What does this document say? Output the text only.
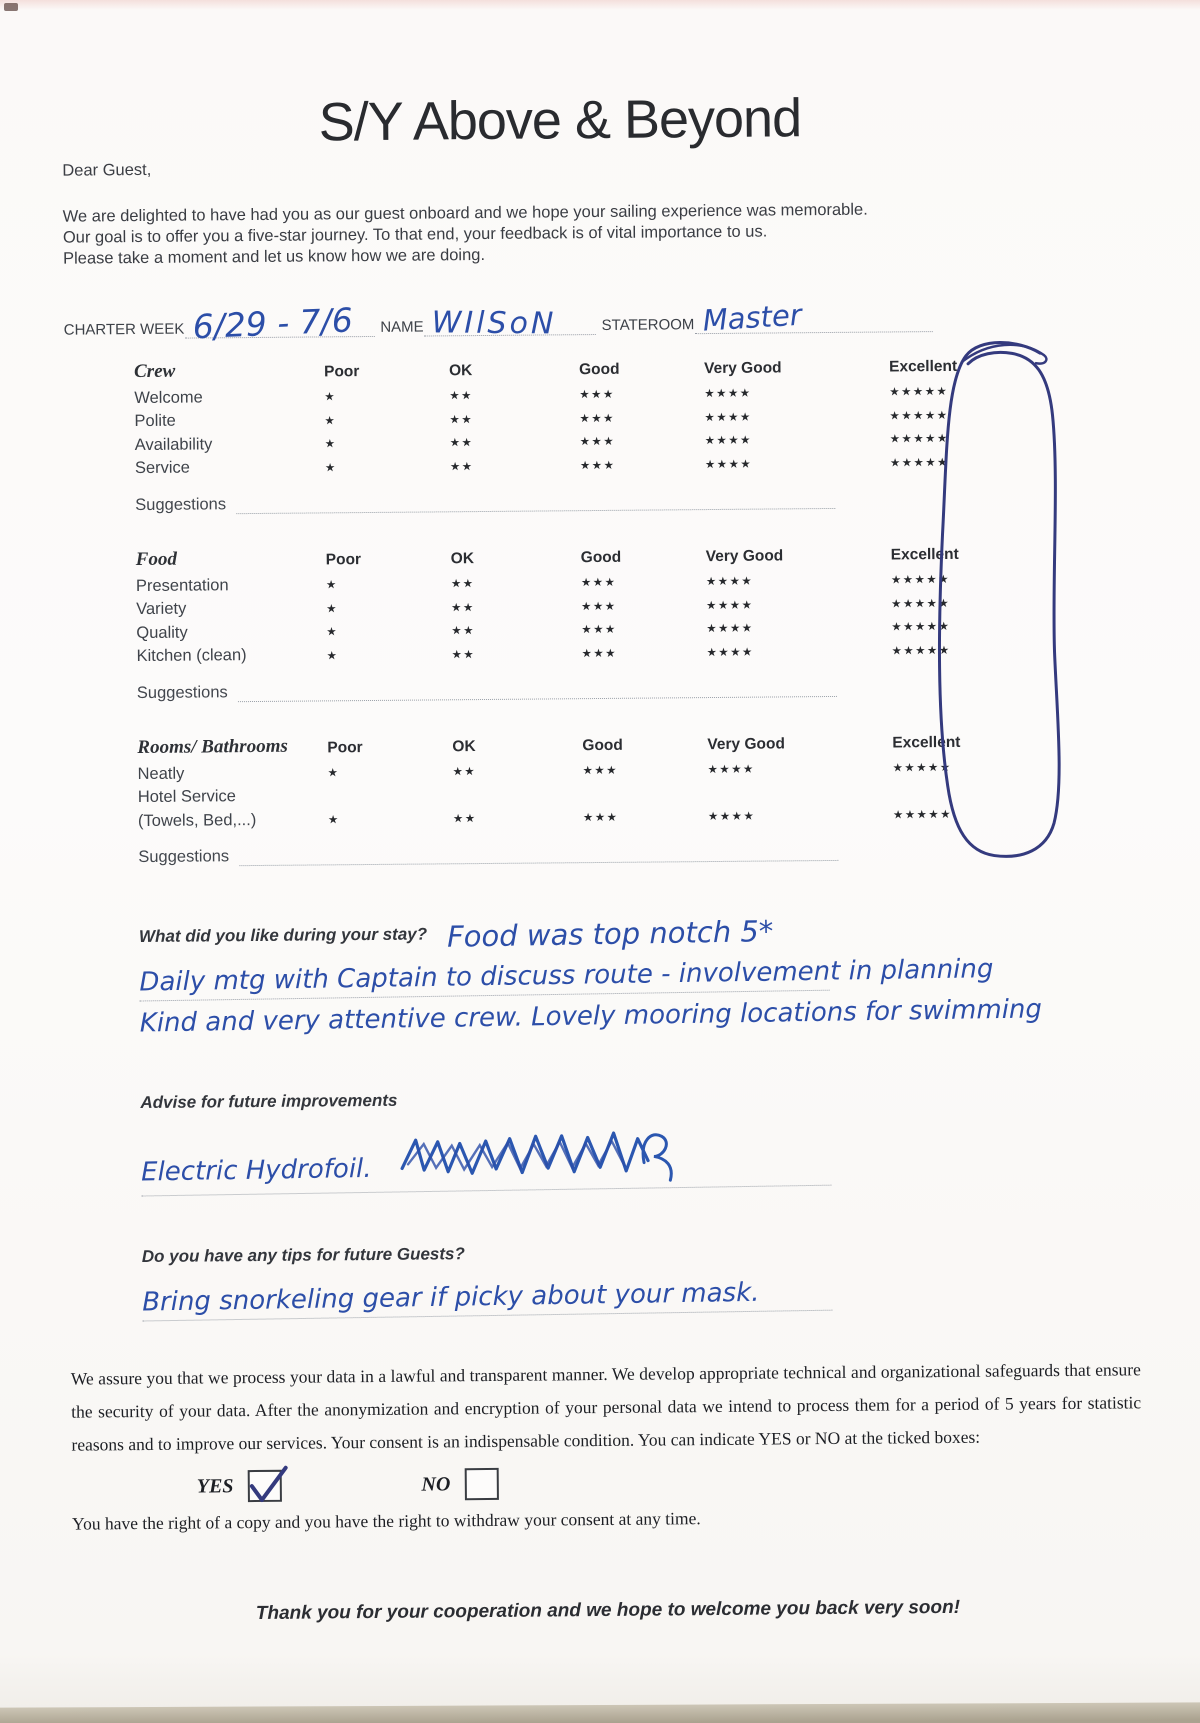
S/Y Above & Beyond
Dear Guest,
We are delighted to have had you as our guest onboard and we hope your sailing experience was memorable.
Our goal is to offer you a five-star journey. To that end, your feedback is of vital importance to us.
Please take a moment and let us know how we are doing.
CHARTER WEEK 6/29 - 7/6 NAME WIlSoN	STATEROOM Master
Crew	Poor	OK	Good	Very Good	Excellent
Welcome	★	★★	★★★	★★★★	★★★★★
Polite	★	★★	★★★	★★★★	★★★★★
Availability	★	★★	★★★	★★★★	★★★★★
Service	★	★★	★★★	★★★★	★★★★★
Suggestions
Food	Poor	OK	Good	Very Good	Excellent
Presentation	★	★★	★★★	★★★★	★★★★★
Variety	★	★★	★★★	★★★★	★★★★★
Quality	★	★★	★★★	★★★★	★★★★★
Kitchen (clean)	★	★★	★★★	★★★★	★★★★★
Suggestions
Rooms/ Bathrooms	Poor	OK	Good	Very Good	Excellent
Neatly	★	★★	★★★	★★★★	★★★★★
Hotel Service
(Towels, Bed,...)	★	★★	★★★	★★★★	★★★★★
Suggestions
What did you like during your stay? Food was top notch 5*
Daily mtg with Captain to discuss route - involvement in planning
Kind and very attentive crew. Lovely mooring locations for swimming
Advise for future improvements
Electric Hydrofoil.
Do you have any tips for future Guests?
Bring snorkeling gear if picky about your mask.

We assure you that we process your data in a lawful and transparent manner. We develop appropriate technical and organizational safeguards that ensure the security of your data. After the anonymization and encryption of your personal data we intend to process them for a period of 5 years for statistic reasons and to improve our services. Your consent is an indispensable condition. You can indicate YES or NO at the ticked boxes:

YES	NO
You have the right of a copy and you have the right to withdraw your consent at any time.
Thank you for your cooperation and we hope to welcome you back very soon!
